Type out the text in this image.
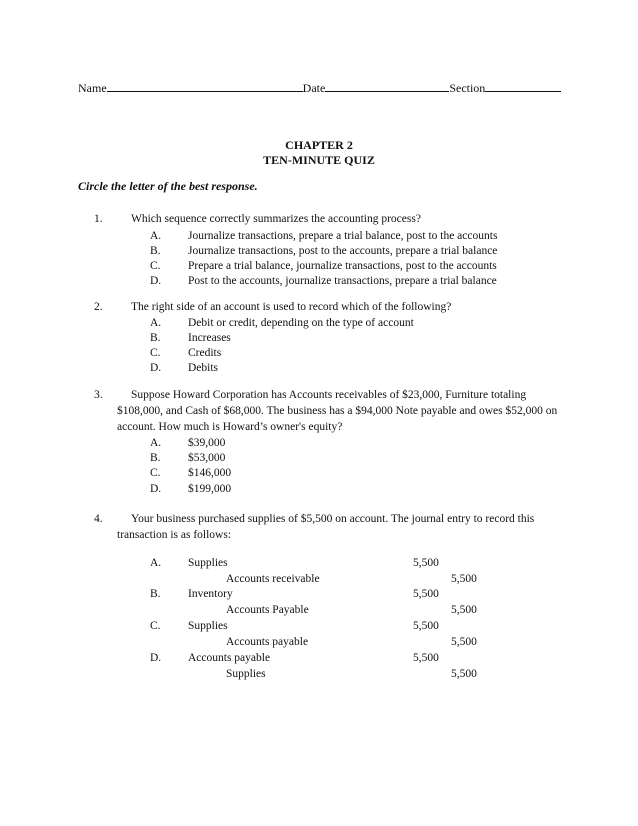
Name	Date	Section
CHAPTER 2
TEN-MINUTE QUIZ
Circle the letter of the best response.
1. Which sequence correctly summarizes the accounting process?
A. Journalize transactions, prepare a trial balance, post to the accounts
B. Journalize transactions, post to the accounts, prepare a trial balance
C. Prepare a trial balance, journalize transactions, post to the accounts
D. Post to the accounts, journalize transactions, prepare a trial balance
2. The right side of an account is used to record which of the following?
A. Debit or credit, depending on the type of account
B. Increases
C. Credits
D. Debits
3. Suppose Howard Corporation has Accounts receivables of $23,000, Furniture totaling
$108,000, and Cash of $68,000. The business has a $94,000 Note payable and owes $52,000 on
account. How much is Howard’s owner's equity?
A. $39,000
B. $53,000
C. $146,000
D. $199,000
4. Your business purchased supplies of $5,500 on account. The journal entry to record this
transaction is as follows:
A. Supplies	5,500
Accounts receivable	5,500
B. Inventory	5,500
Accounts Payable	5,500
C. Supplies	5,500
Accounts payable	5,500
D. Accounts payable	5,500
Supplies	5,500
